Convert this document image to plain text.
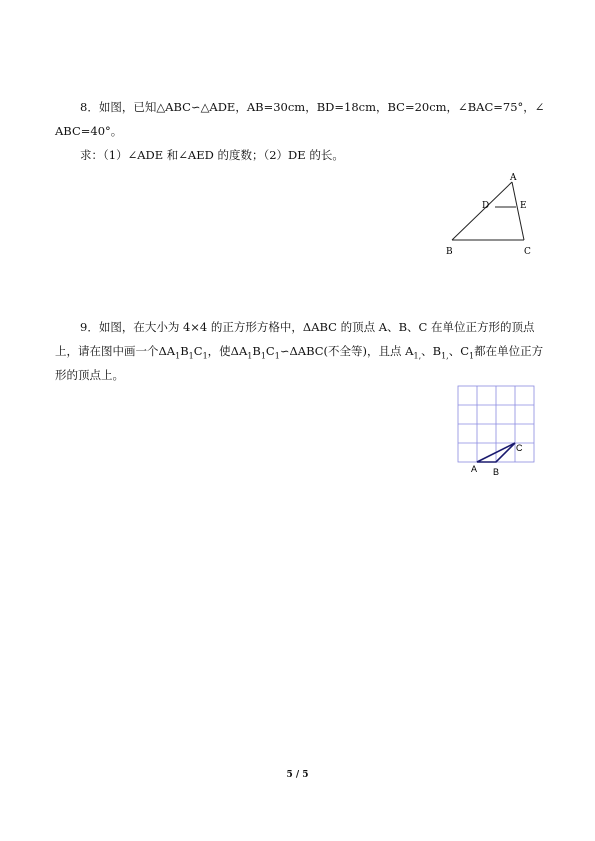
8．如图，已知△ABC∽△ADE，AB=30cm，BD=18cm，BC=20cm，∠BAC=75°，∠
ABC=40°。
求：（1）∠ADE 和∠AED 的度数；（2）DE 的长。
A
D	E
B	C
9．如图，在大小为 4×4 的正方形方格中，ΔABC 的顶点 A、B、C 在单位正方形的顶点
上，请在图中画一个$\Delta A_1B_1C_1$，使$\Delta A_1B_1C_1∽\Delta ABC$(不全等)，且点 $A_{1,}$、$B_{1,}$、$C_1$都在单位正方
形的顶点上。
A B
C
5 / 5
